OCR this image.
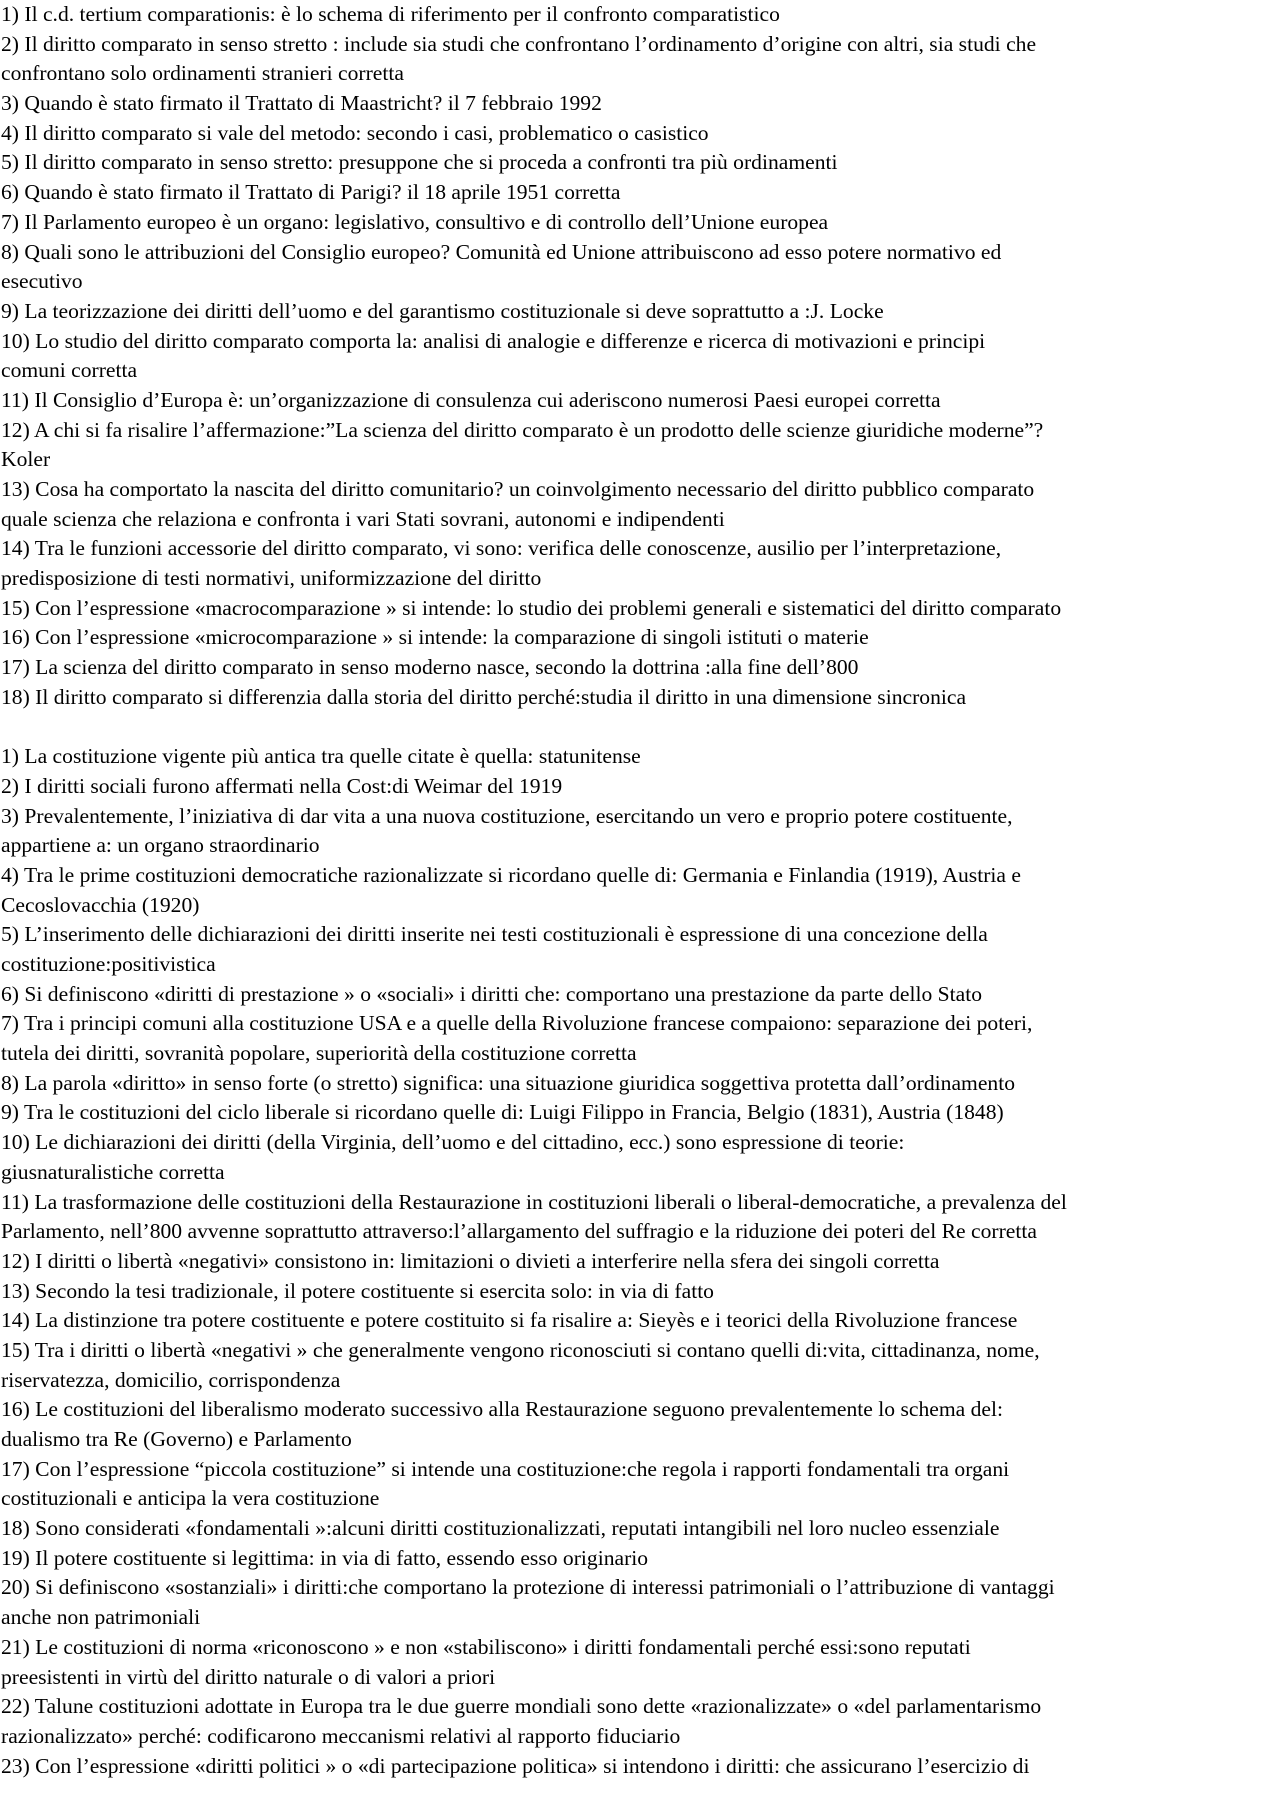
1) Il c.d. tertium comparationis: è lo schema di riferimento per il confronto comparatistico
2) Il diritto comparato in senso stretto : include sia studi che confrontano l’ordinamento d’origine con altri, sia studi che
confrontano solo ordinamenti stranieri corretta
3) Quando è stato firmato il Trattato di Maastricht? il 7 febbraio 1992
4) Il diritto comparato si vale del metodo: secondo i casi, problematico o casistico
5) Il diritto comparato in senso stretto: presuppone che si proceda a confronti tra più ordinamenti
6) Quando è stato firmato il Trattato di Parigi? il 18 aprile 1951 corretta
7) Il Parlamento europeo è un organo: legislativo, consultivo e di controllo dell’Unione europea
8) Quali sono le attribuzioni del Consiglio europeo? Comunità ed Unione attribuiscono ad esso potere normativo ed
esecutivo
9) La teorizzazione dei diritti dell’uomo e del garantismo costituzionale si deve soprattutto a :J. Locke
10) Lo studio del diritto comparato comporta la: analisi di analogie e differenze e ricerca di motivazioni e principi
comuni corretta
11) Il Consiglio d’Europa è: un’organizzazione di consulenza cui aderiscono numerosi Paesi europei corretta
12) A chi si fa risalire l’affermazione:”La scienza del diritto comparato è un prodotto delle scienze giuridiche moderne”?
Koler
13) Cosa ha comportato la nascita del diritto comunitario? un coinvolgimento necessario del diritto pubblico comparato
quale scienza che relaziona e confronta i vari Stati sovrani, autonomi e indipendenti
14) Tra le funzioni accessorie del diritto comparato, vi sono: verifica delle conoscenze, ausilio per l’interpretazione,
predisposizione di testi normativi, uniformizzazione del diritto
15) Con l’espressione «macrocomparazione » si intende: lo studio dei problemi generali e sistematici del diritto comparato
16) Con l’espressione «microcomparazione » si intende: la comparazione di singoli istituti o materie
17) La scienza del diritto comparato in senso moderno nasce, secondo la dottrina :alla fine dell’800
18) Il diritto comparato si differenzia dalla storia del diritto perché:studia il diritto in una dimensione sincronica
1) La costituzione vigente più antica tra quelle citate è quella: statunitense
2) I diritti sociali furono affermati nella Cost:di Weimar del 1919
3) Prevalentemente, l’iniziativa di dar vita a una nuova costituzione, esercitando un vero e proprio potere costituente,
appartiene a: un organo straordinario
4) Tra le prime costituzioni democratiche razionalizzate si ricordano quelle di: Germania e Finlandia (1919), Austria e
Cecoslovacchia (1920)
5) L’inserimento delle dichiarazioni dei diritti inserite nei testi costituzionali è espressione di una concezione della
costituzione:positivistica
6) Si definiscono «diritti di prestazione » o «sociali» i diritti che: comportano una prestazione da parte dello Stato
7) Tra i principi comuni alla costituzione USA e a quelle della Rivoluzione francese compaiono: separazione dei poteri,
tutela dei diritti, sovranità popolare, superiorità della costituzione corretta
8) La parola «diritto» in senso forte (o stretto) significa: una situazione giuridica soggettiva protetta dall’ordinamento
9) Tra le costituzioni del ciclo liberale si ricordano quelle di: Luigi Filippo in Francia, Belgio (1831), Austria (1848)
10) Le dichiarazioni dei diritti (della Virginia, dell’uomo e del cittadino, ecc.) sono espressione di teorie:
giusnaturalistiche corretta
11) La trasformazione delle costituzioni della Restaurazione in costituzioni liberali o liberal-democratiche, a prevalenza del
Parlamento, nell’800 avvenne soprattutto attraverso:l’allargamento del suffragio e la riduzione dei poteri del Re corretta
12) I diritti o libertà «negativi» consistono in: limitazioni o divieti a interferire nella sfera dei singoli corretta
13) Secondo la tesi tradizionale, il potere costituente si esercita solo: in via di fatto
14) La distinzione tra potere costituente e potere costituito si fa risalire a: Sieyès e i teorici della Rivoluzione francese
15) Tra i diritti o libertà «negativi » che generalmente vengono riconosciuti si contano quelli di:vita, cittadinanza, nome,
riservatezza, domicilio, corrispondenza
16) Le costituzioni del liberalismo moderato successivo alla Restaurazione seguono prevalentemente lo schema del:
dualismo tra Re (Governo) e Parlamento
17) Con l’espressione “piccola costituzione” si intende una costituzione:che regola i rapporti fondamentali tra organi
costituzionali e anticipa la vera costituzione
18) Sono considerati «fondamentali »:alcuni diritti costituzionalizzati, reputati intangibili nel loro nucleo essenziale
19) Il potere costituente si legittima: in via di fatto, essendo esso originario
20) Si definiscono «sostanziali» i diritti:che comportano la protezione di interessi patrimoniali o l’attribuzione di vantaggi
anche non patrimoniali
21) Le costituzioni di norma «riconoscono » e non «stabiliscono» i diritti fondamentali perché essi:sono reputati
preesistenti in virtù del diritto naturale o di valori a priori
22) Talune costituzioni adottate in Europa tra le due guerre mondiali sono dette «razionalizzate» o «del parlamentarismo
razionalizzato» perché: codificarono meccanismi relativi al rapporto fiduciario
23) Con l’espressione «diritti politici » o «di partecipazione politica» si intendono i diritti: che assicurano l’esercizio di
